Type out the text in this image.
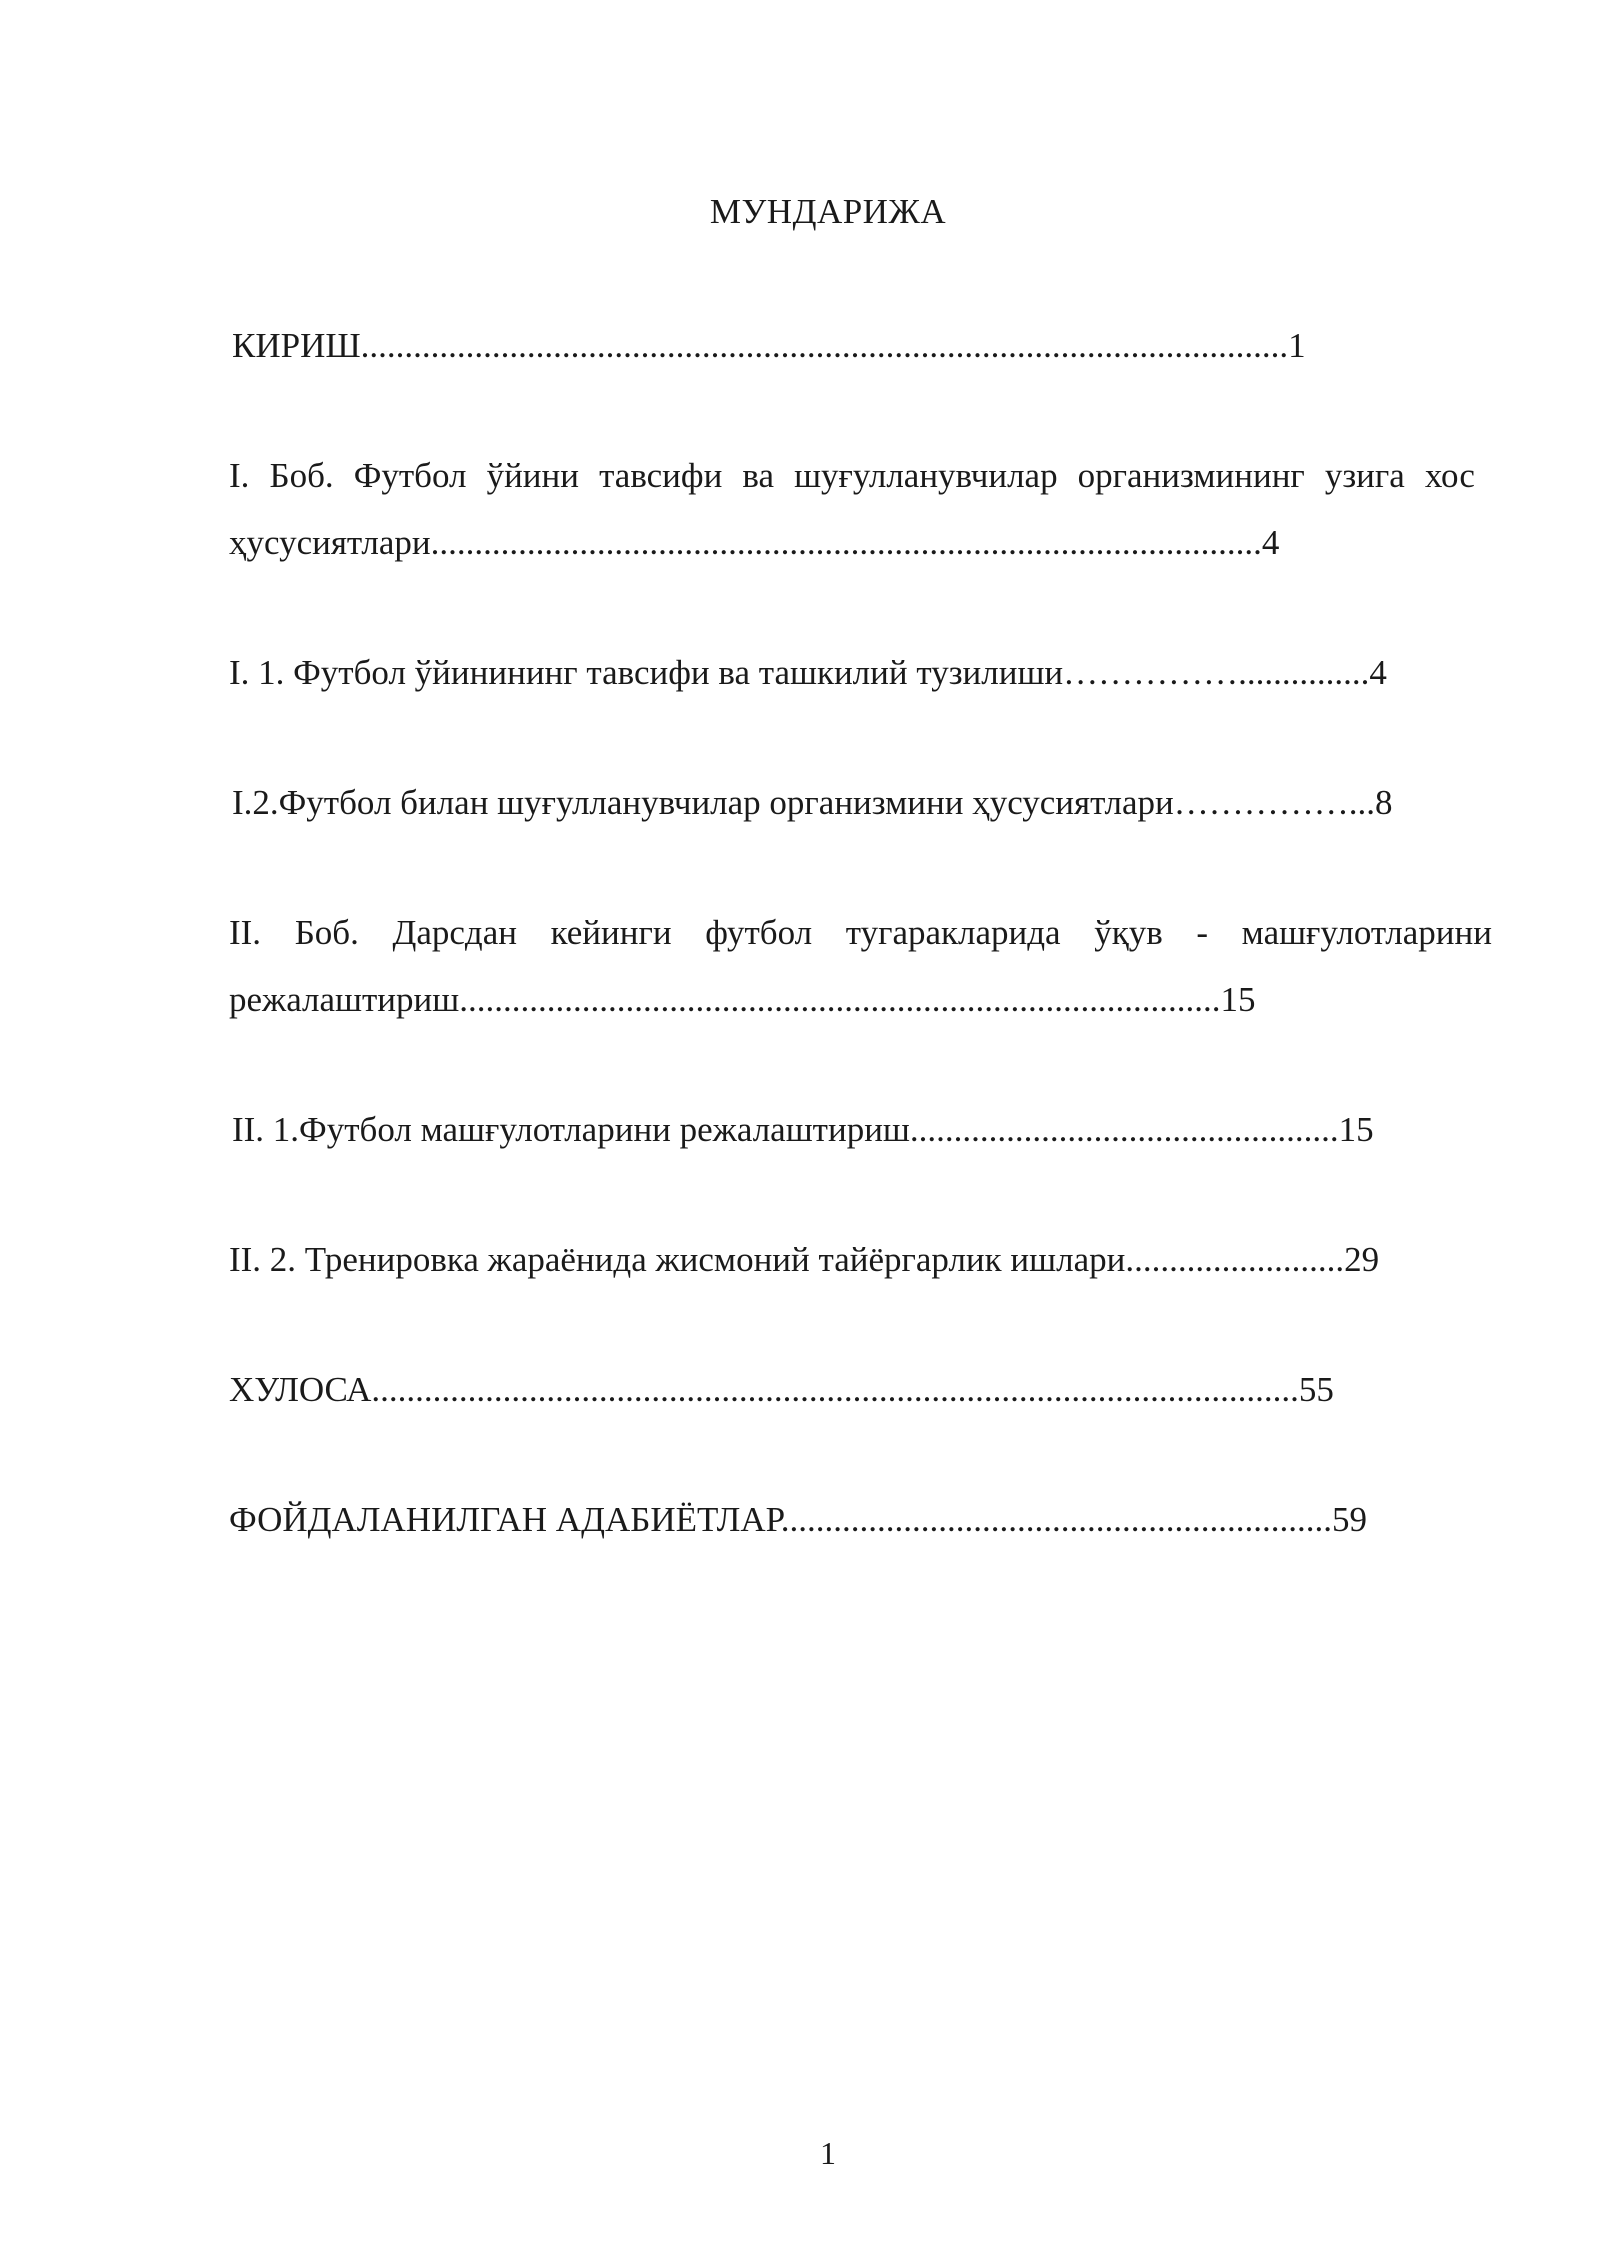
МУНДАРИЖА
КИРИШ..........................................................................................................1
I. Боб. Футбол ўйини тавсифи ва шуғулланувчилар организмининг узига хос
ҳусусиятлари...............................................................................................4
I. 1. Футбол ўйинининг тавсифи ва ташкилий тузилиши……………...............4
I.2.Футбол билан шуғулланувчилар организмини ҳусусиятлари……………...8
II. Боб. Дарсдан кейинги футбол тугаракларида ўқув - машғулотларини
режалаштириш.......................................................................................15
II. 1.Футбол машғулотларини режалаштириш.................................................15
II. 2. Тренировка жараёнида жисмоний тайёргарлик ишлари.........................29
ХУЛОСА..........................................................................................................55
ФОЙДАЛАНИЛГАН АДАБИЁТЛАР...............................................................59
1
